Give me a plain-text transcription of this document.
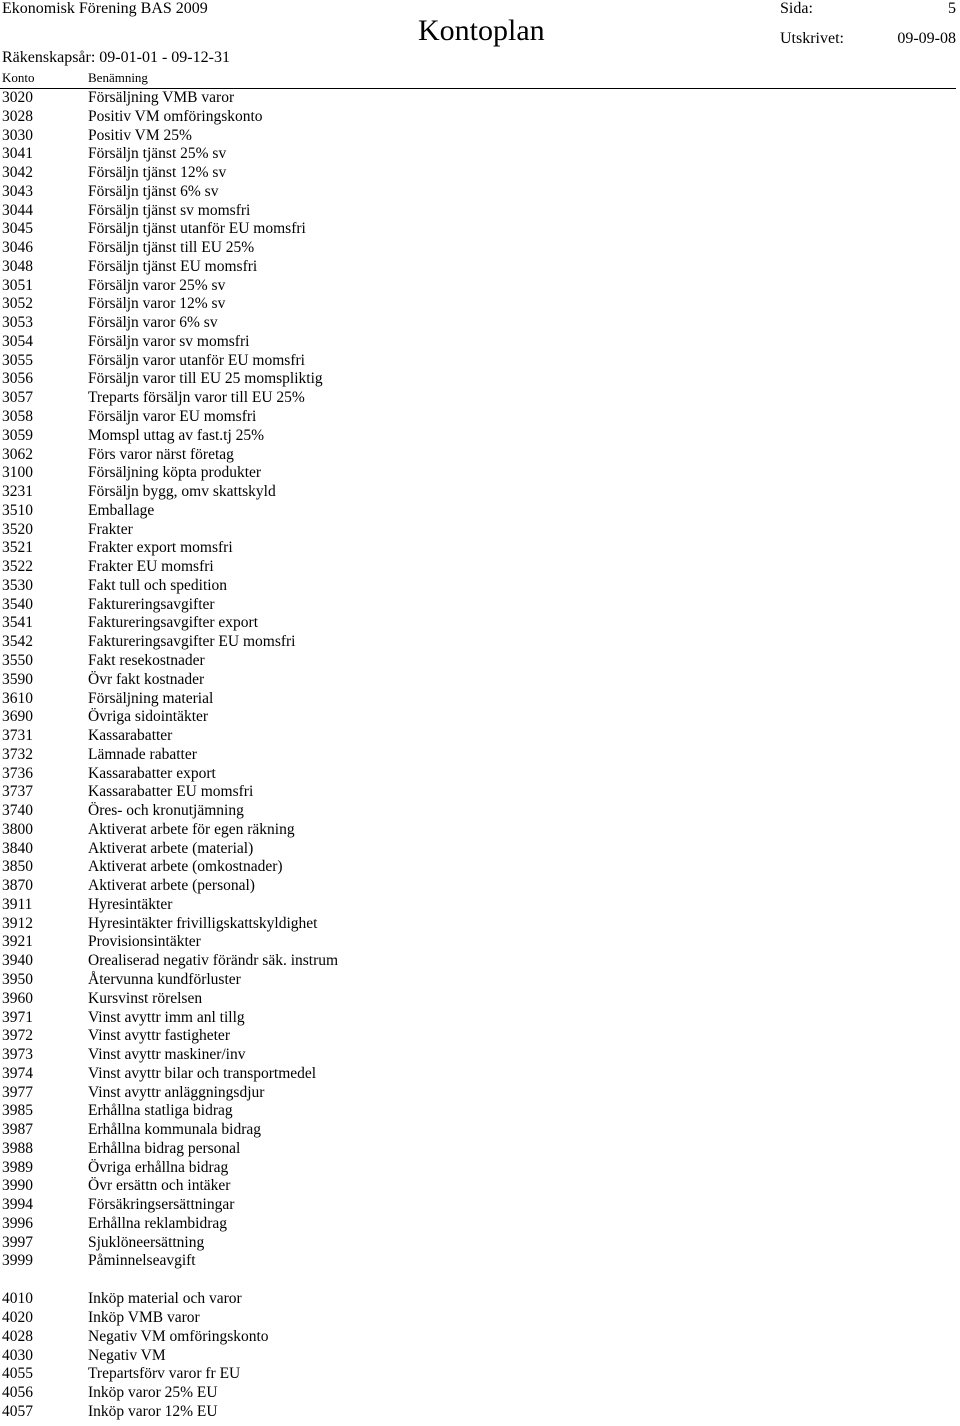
Ekonomisk Förening BAS 2009	Sida:	5
Kontoplan	Utskrivet:	09-09-08
Räkenskapsår: 09-01-01 - 09-12-31
Konto	Benämning
3020	Försäljning VMB varor
3028	Positiv VM omföringskonto
3030	Positiv VM 25%
3041	Försäljn tjänst 25% sv
3042	Försäljn tjänst 12% sv
3043	Försäljn tjänst 6% sv
3044	Försäljn tjänst sv momsfri
3045	Försäljn tjänst utanför EU momsfri
3046	Försäljn tjänst till EU 25%
3048	Försäljn tjänst EU momsfri
3051	Försäljn varor 25% sv
3052	Försäljn varor 12% sv
3053	Försäljn varor 6% sv
3054	Försäljn varor sv momsfri
3055	Försäljn varor utanför EU momsfri
3056	Försäljn varor till EU 25 momspliktig
3057	Treparts försäljn varor till EU 25%
3058	Försäljn varor EU momsfri
3059	Momspl uttag av fast.tj 25%
3062	Förs varor närst företag
3100	Försäljning köpta produkter
3231	Försäljn bygg, omv skattskyld
3510	Emballage
3520	Frakter
3521	Frakter export momsfri
3522	Frakter EU momsfri
3530	Fakt tull och spedition
3540	Faktureringsavgifter
3541	Faktureringsavgifter export
3542	Faktureringsavgifter EU momsfri
3550	Fakt resekostnader
3590	Övr fakt kostnader
3610	Försäljning material
3690	Övriga sidointäkter
3731	Kassarabatter
3732	Lämnade rabatter
3736	Kassarabatter export
3737	Kassarabatter EU momsfri
3740	Öres- och kronutjämning
3800	Aktiverat arbete för egen räkning
3840	Aktiverat arbete (material)
3850	Aktiverat arbete (omkostnader)
3870	Aktiverat arbete (personal)
3911	Hyresintäkter
3912	Hyresintäkter frivilligskattskyldighet
3921	Provisionsintäkter
3940	Orealiserad negativ förändr säk. instrum
3950	Återvunna kundförluster
3960	Kursvinst rörelsen
3971	Vinst avyttr imm anl tillg
3972	Vinst avyttr fastigheter
3973	Vinst avyttr maskiner/inv
3974	Vinst avyttr bilar och transportmedel
3977	Vinst avyttr anläggningsdjur
3985	Erhållna statliga bidrag
3987	Erhållna kommunala bidrag
3988	Erhållna bidrag personal
3989	Övriga erhållna bidrag
3990	Övr ersättn och intäker
3994	Försäkringsersättningar
3996	Erhållna reklambidrag
3997	Sjuklöneersättning
3999	Påminnelseavgift
4010	Inköp material och varor
4020	Inköp VMB varor
4028	Negativ VM omföringskonto
4030	Negativ VM
4055	Trepartsförv varor fr EU
4056	Inköp varor 25% EU
4057	Inköp varor 12% EU
